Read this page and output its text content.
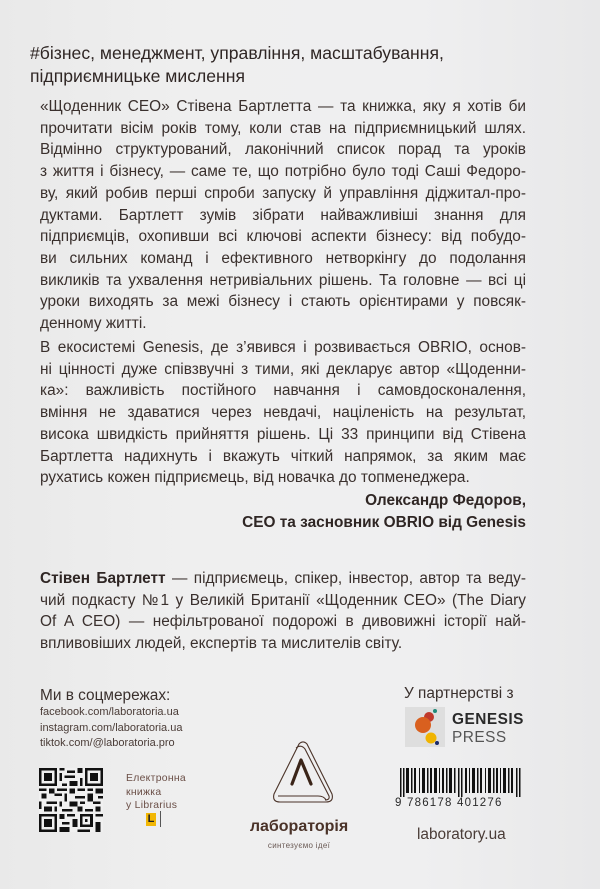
#бізнес, менеджмент, управління, масштабування, підприємницьке мислення
«Щоденник CEO» Стівена Бартлетта — та книжка, яку я хотів би
прочитати вісім років тому, коли став на підприємницький шлях.
Відмінно структурований, лаконічний список порад та уроків
з життя і бізнесу, — саме те, що потрібно було тоді Саші Федоро-
ву, який робив перші спроби запуску й управління діджитал-про-
дуктами. Бартлетт зумів зібрати найважливіші знання для
підприємців, охопивши всі ключові аспекти бізнесу: від побудо-
ви сильних команд і ефективного нетворкінгу до подолання
викликів та ухвалення нетривіальних рішень. Та головне — всі ці
уроки виходять за межі бізнесу і стають орієнтирами у повсяк-
денному житті.
В екосистемі Genesis, де з’явився і розвивається OBRIO, основ-
ні цінності дуже співзвучні з тими, які декларує автор «Щоденни-
ка»: важливість постійного навчання і самовдосконалення,
вміння не здаватися через невдачі, націленість на результат,
висока швидкість прийняття рішень. Ці 33 принципи від Стівена
Бартлетта надихнуть і вкажуть чіткий напрямок, за яким має
рухатись кожен підприємець, від новачка до топменеджера.
Олександр Федоров,
CEO та засновник OBRIO від Genesis
Стівен Бартлетт — підприємець, спікер, інвестор, автор та веду-
чий подкасту №1 у Великій Британії «Щоденник CEO» (The Diary
Of A CEO) — нефільтрованої подорожі в дивовижні історії най-
впливовіших людей, експертів та мислителів світу.
Ми в соцмережах:
facebook.com/laboratoria.ua
instagram.com/laboratoria.ua
tiktok.com/@laboratoria.pro
Електронна
книжка
у Librarius
L	лабораторія
синтезуємо ідеї
У партнерстві з
GENESIS
PRESS
9 786178 401276
laboratory.ua
